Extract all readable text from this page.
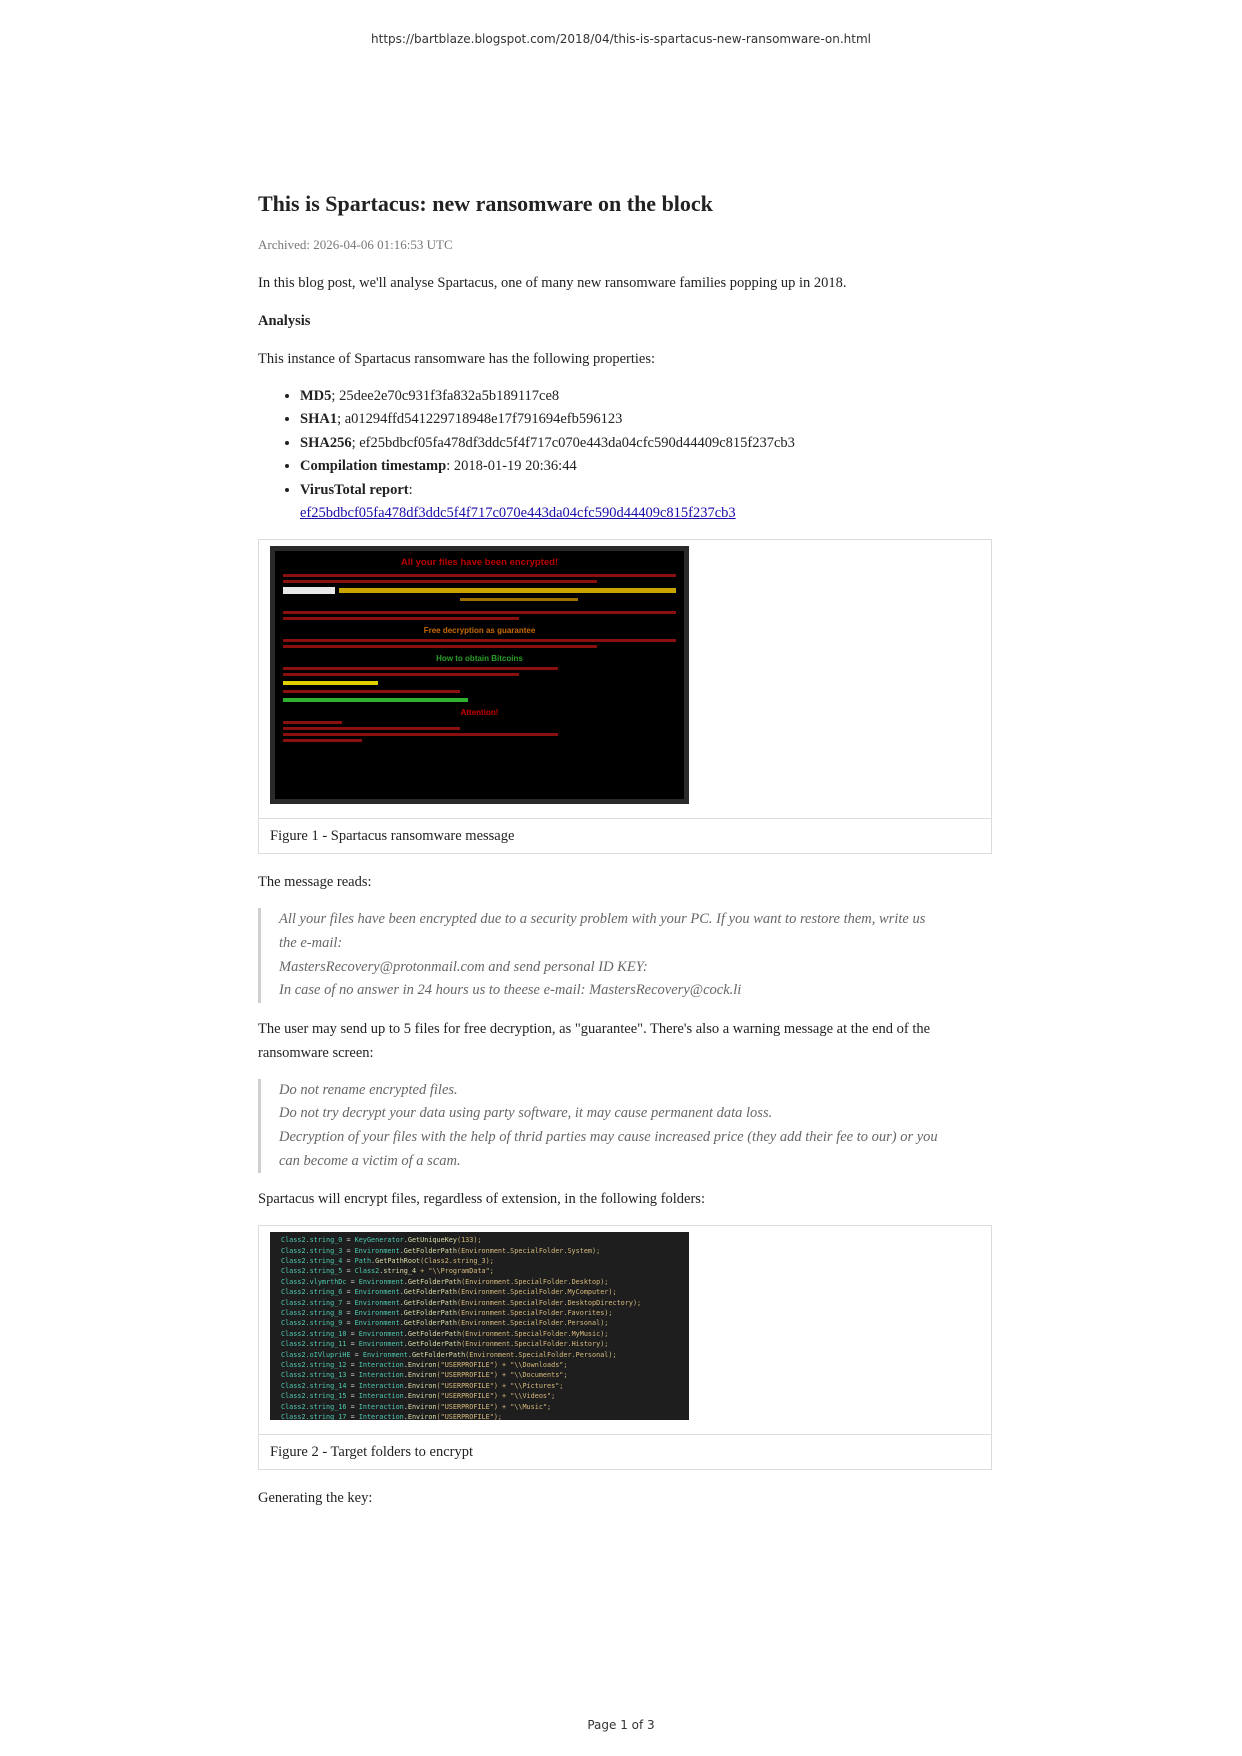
https://bartblaze.blogspot.com/2018/04/this-is-spartacus-new-ransomware-on.html
This is Spartacus: new ransomware on the block
Archived: 2026-04-06 01:16:53 UTC

In this blog post, we'll analyse Spartacus, one of many new ransomware families popping up in 2018.

Analysis

This instance of Spartacus ransomware has the following properties:

• MD5; 25dee2e70c931f3fa832a5b189117ce8
• SHA1; a01294ffd541229718948e17f791694efb596123
• SHA256; ef25bdbcf05fa478df3ddc5f4f717c070e443da04cfc590d44409c815f237cb3
• Compilation timestamp: 2018-01-19 20:36:44
• VirusTotal report:
ef25bdbcf05fa478df3ddc5f4f717c070e443da04cfc590d44409c815f237cb3
All your files have been encrypted!
Free decryption as guarantee
How to obtain Bitcoins
Attention!
Figure 1 - Spartacus ransomware message

The message reads:

All your files have been encrypted due to a security problem with your PC. If you want to restore them, write us
the e-mail:
MastersRecovery@protonmail.com and send personal ID KEY:
In case of no answer in 24 hours us to theese e-mail: MastersRecovery@cock.li

The user may send up to 5 files for free decryption, as "guarantee". There's also a warning message at the end of the ransomware screen:

Do not rename encrypted files.
Do not try decrypt your data using party software, it may cause permanent data loss.
Decryption of your files with the help of thrid parties may cause increased price (they add their fee to our) or you
can become a victim of a scam.

Spartacus will encrypt files, regardless of extension, in the following folders:

Class2.string_0 = KeyGenerator.GetUniqueKey(133);
Class2.string_3 = Environment.GetFolderPath(Environment.SpecialFolder.System);
Class2.string_4 = Path.GetPathRoot(Class2.string_3);
Class2.string_5 = Class2.string_4 + "\\ProgramData";
Class2.vlymrthDc = Environment.GetFolderPath(Environment.SpecialFolder.Desktop);
Class2.string_6 = Environment.GetFolderPath(Environment.SpecialFolder.MyComputer);
Class2.string_7 = Environment.GetFolderPath(Environment.SpecialFolder.DesktopDirectory);
Class2.string_8 = Environment.GetFolderPath(Environment.SpecialFolder.Favorites);
Class2.string_9 = Environment.GetFolderPath(Environment.SpecialFolder.Personal);
Class2.string_10 = Environment.GetFolderPath(Environment.SpecialFolder.MyMusic);
Class2.string_11 = Environment.GetFolderPath(Environment.SpecialFolder.History);
Class2.oIVlupriHE = Environment.GetFolderPath(Environment.SpecialFolder.Personal);
Class2.string_12 = Interaction.Environ("USERPROFILE") + "\\Downloads";
Class2.string_13 = Interaction.Environ("USERPROFILE") + "\\Documents";
Class2.string_14 = Interaction.Environ("USERPROFILE") + "\\Pictures";
Class2.string_15 = Interaction.Environ("USERPROFILE") + "\\Videos";
Class2.string_16 = Interaction.Environ("USERPROFILE") + "\\Music";
Class2.string_17 = Interaction.Environ("USERPROFILE");
Figure 2 - Target folders to encrypt

Generating the key:

Page 1 of 3
